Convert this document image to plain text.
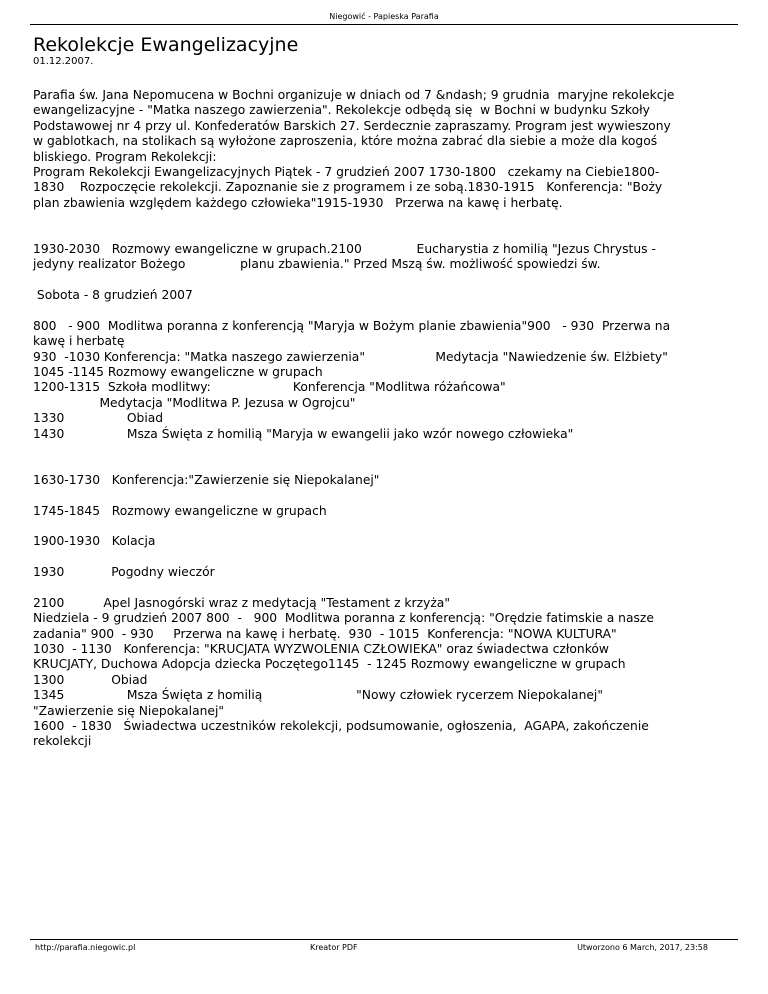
Niegowić - Papieska Parafia
Rekolekcje Ewangelizacyjne
01.12.2007.
Parafia św. Jana Nepomucena w Bochni organizuje w dniach od 7 &ndash; 9 grudnia  maryjne rekolekcje
ewangelizacyjne - "Matka naszego zawierzenia". Rekolekcje odbędą się  w Bochni w budynku Szkoły
Podstawowej nr 4 przy ul. Konfederatów Barskich 27. Serdecznie zapraszamy. Program jest wywieszony
w gablotkach, na stolikach są wyłożone zaproszenia, które można zabrać dla siebie a może dla kogoś
bliskiego. Program Rekolekcji:
Program Rekolekcji Ewangelizacyjnych Piątek - 7 grudzień 2007 1730-1800   czekamy na Ciebie1800-
1830    Rozpoczęcie rekolekcji. Zapoznanie sie z programem i ze sobą.1830-1915   Konferencja: "Boży
plan zbawienia względem każdego człowieka"1915-1930   Przerwa na kawę i herbatę.
1930-2030   Rozmowy ewangeliczne w grupach.2100              Eucharystia z homilią "Jezus Chrystus -
jedyny realizator Bożego              planu zbawienia." Przed Mszą św. możliwość spowiedzi św.
Sobota - 8 grudzień 2007
800   - 900  Modlitwa poranna z konferencją "Maryja w Bożym planie zbawienia"900   - 930  Przerwa na
kawę i herbatę
930  -1030 Konferencja: "Matka naszego zawierzenia"                  Medytacja "Nawiedzenie św. Elżbiety"
1045 -1145 Rozmowy ewangeliczne w grupach
1200-1315  Szkoła modlitwy:                     Konferencja "Modlitwa różańcowa"
Medytacja "Modlitwa P. Jezusa w Ogrojcu"
1330                Obiad
1430                Msza Święta z homilią "Maryja w ewangelii jako wzór nowego człowieka"
1630-1730   Konferencja:"Zawierzenie się Niepokalanej"
1745-1845   Rozmowy ewangeliczne w grupach
1900-1930   Kolacja
1930            Pogodny wieczór
2100          Apel Jasnogórski wraz z medytacją "Testament z krzyża"
Niedziela - 9 grudzień 2007 800  -   900  Modlitwa poranna z konferencją: "Orędzie fatimskie a nasze
zadania" 900  - 930     Przerwa na kawę i herbatę.  930  - 1015  Konferencja: "NOWA KULTURA"
1030  - 1130   Konferencja: "KRUCJATA WYZWOLENIA CZŁOWIEKA" oraz świadectwa członków
KRUCJATY, Duchowa Adopcja dziecka Poczętego1145  - 1245 Rozmowy ewangeliczne w grupach
1300            Obiad
1345                Msza Święta z homilią                        "Nowy człowiek rycerzem Niepokalanej"
"Zawierzenie się Niepokalanej"
1600  - 1830   Świadectwa uczestników rekolekcji, podsumowanie, ogłoszenia,  AGAPA, zakończenie
rekolekcji
http://parafia.niegowic.pl	Kreator PDF	Utworzono 6 March, 2017, 23:58
